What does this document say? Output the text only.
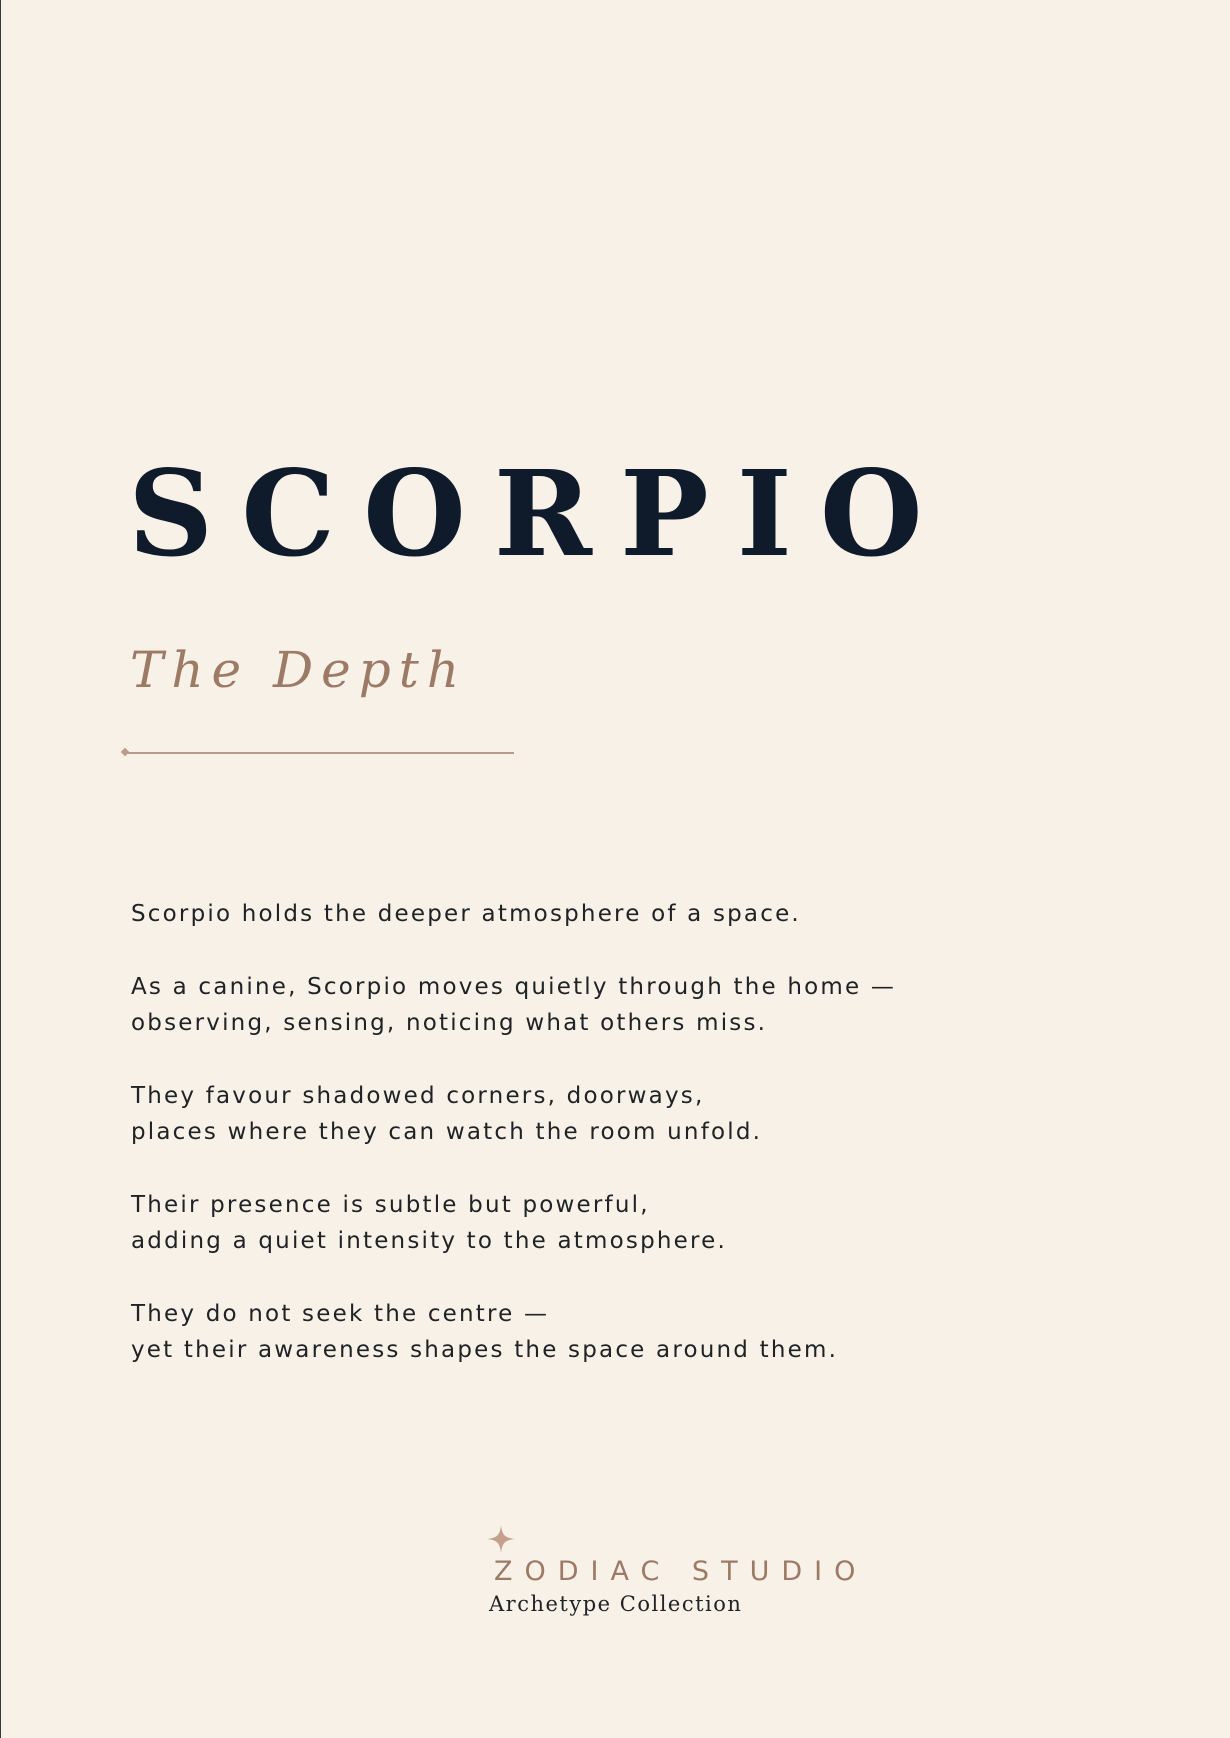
SCORPIO
The Depth

Scorpio holds the deeper atmosphere of a space.

As a canine, Scorpio moves quietly through the home —
observing, sensing, noticing what others miss.

They favour shadowed corners, doorways,
places where they can watch the room unfold.

Their presence is subtle but powerful,
adding a quiet intensity to the atmosphere.

They do not seek the centre —
yet their awareness shapes the space around them.

ZODIAC STUDIO
Archetype Collection
